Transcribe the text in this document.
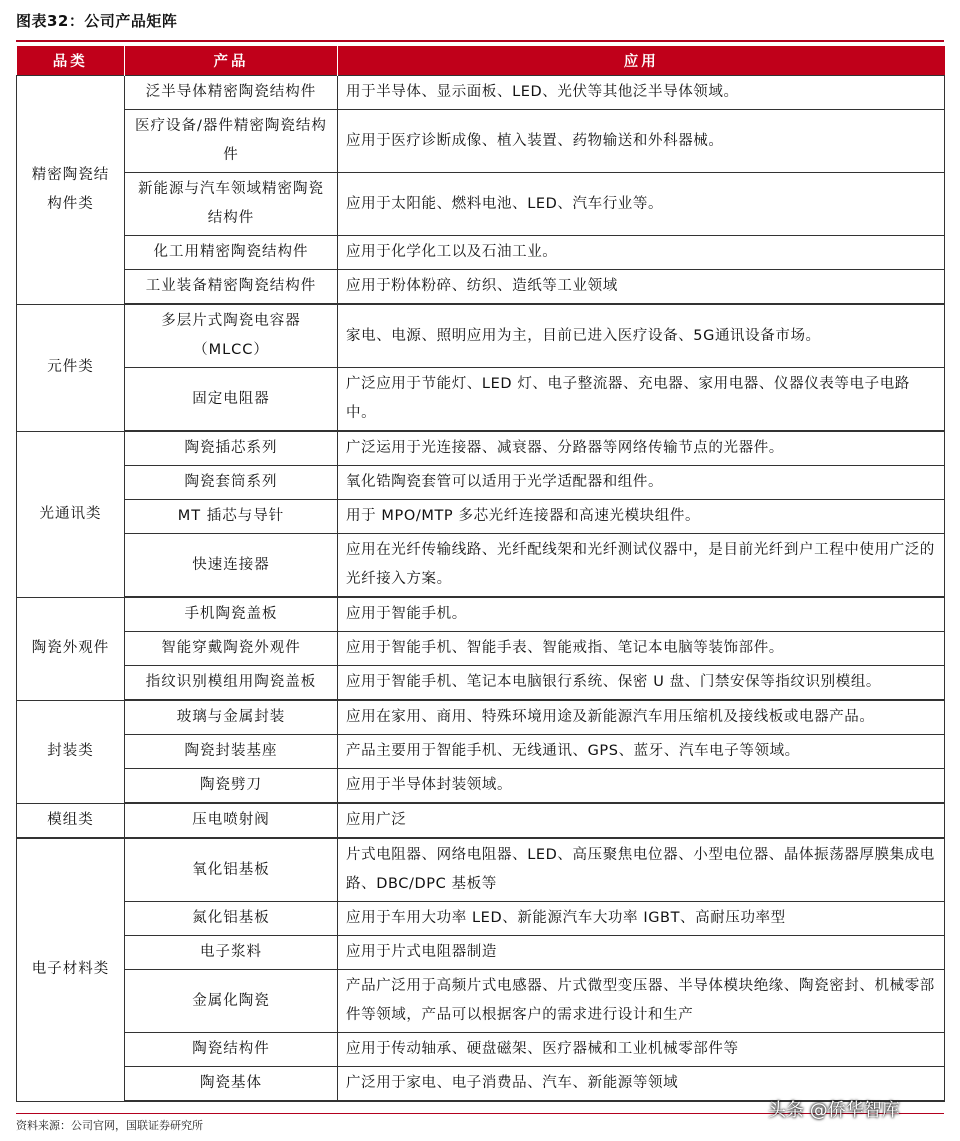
图表32：公司产品矩阵
品类	产品	应用
精密陶瓷结构件类	泛半导体精密陶瓷结构件	用于半导体、显示面板、LED、光伏等其他泛半导体领域。
	医疗设备/器件精密陶瓷结构件	应用于医疗诊断成像、植入装置、药物输送和外科器械。
	新能源与汽车领域精密陶瓷结构件	应用于太阳能、燃料电池、LED、汽车行业等。
	化工用精密陶瓷结构件	应用于化学化工以及石油工业。
	工业装备精密陶瓷结构件	应用于粉体粉碎、纺织、造纸等工业领域
元件类	多层片式陶瓷电容器（MLCC）	家电、电源、照明应用为主，目前已进入医疗设备、5G通讯设备市场。
	固定电阻器	广泛应用于节能灯、LED 灯、电子整流器、充电器、家用电器、仪器仪表等电子电路中。
光通讯类	陶瓷插芯系列	广泛运用于光连接器、减衰器、分路器等网络传输节点的光器件。
	陶瓷套筒系列	氧化锆陶瓷套管可以适用于光学适配器和组件。
	MT 插芯与导针	用于 MPO/MTP 多芯光纤连接器和高速光模块组件。
	快速连接器	应用在光纤传输线路、光纤配线架和光纤测试仪器中，是目前光纤到户工程中使用广泛的光纤接入方案。
陶瓷外观件	手机陶瓷盖板	应用于智能手机。
	智能穿戴陶瓷外观件	应用于智能手机、智能手表、智能戒指、笔记本电脑等装饰部件。
	指纹识别模组用陶瓷盖板	应用于智能手机、笔记本电脑银行系统、保密 U 盘、门禁安保等指纹识别模组。
封装类	玻璃与金属封装	应用在家用、商用、特殊环境用途及新能源汽车用压缩机及接线板或电器产品。
	陶瓷封装基座	产品主要用于智能手机、无线通讯、GPS、蓝牙、汽车电子等领域。
	陶瓷劈刀	应用于半导体封装领域。
模组类	压电喷射阀	应用广泛
电子材料类	氧化铝基板	片式电阻器、网络电阻器、LED、高压聚焦电位器、小型电位器、晶体振荡器厚膜集成电路、DBC/DPC 基板等
	氮化铝基板	应用于车用大功率 LED、新能源汽车大功率 IGBT、高耐压功率型
	电子浆料	应用于片式电阻器制造
	金属化陶瓷	产品广泛用于高频片式电感器、片式微型变压器、半导体模块绝缘、陶瓷密封、机械零部件等领域，产品可以根据客户的需求进行设计和生产
	陶瓷结构件	应用于传动轴承、硬盘磁架、医疗器械和工业机械零部件等
	陶瓷基体	广泛用于家电、电子消费品、汽车、新能源等领域
资料来源：公司官网，国联证券研究所
头条 @侨华智库
